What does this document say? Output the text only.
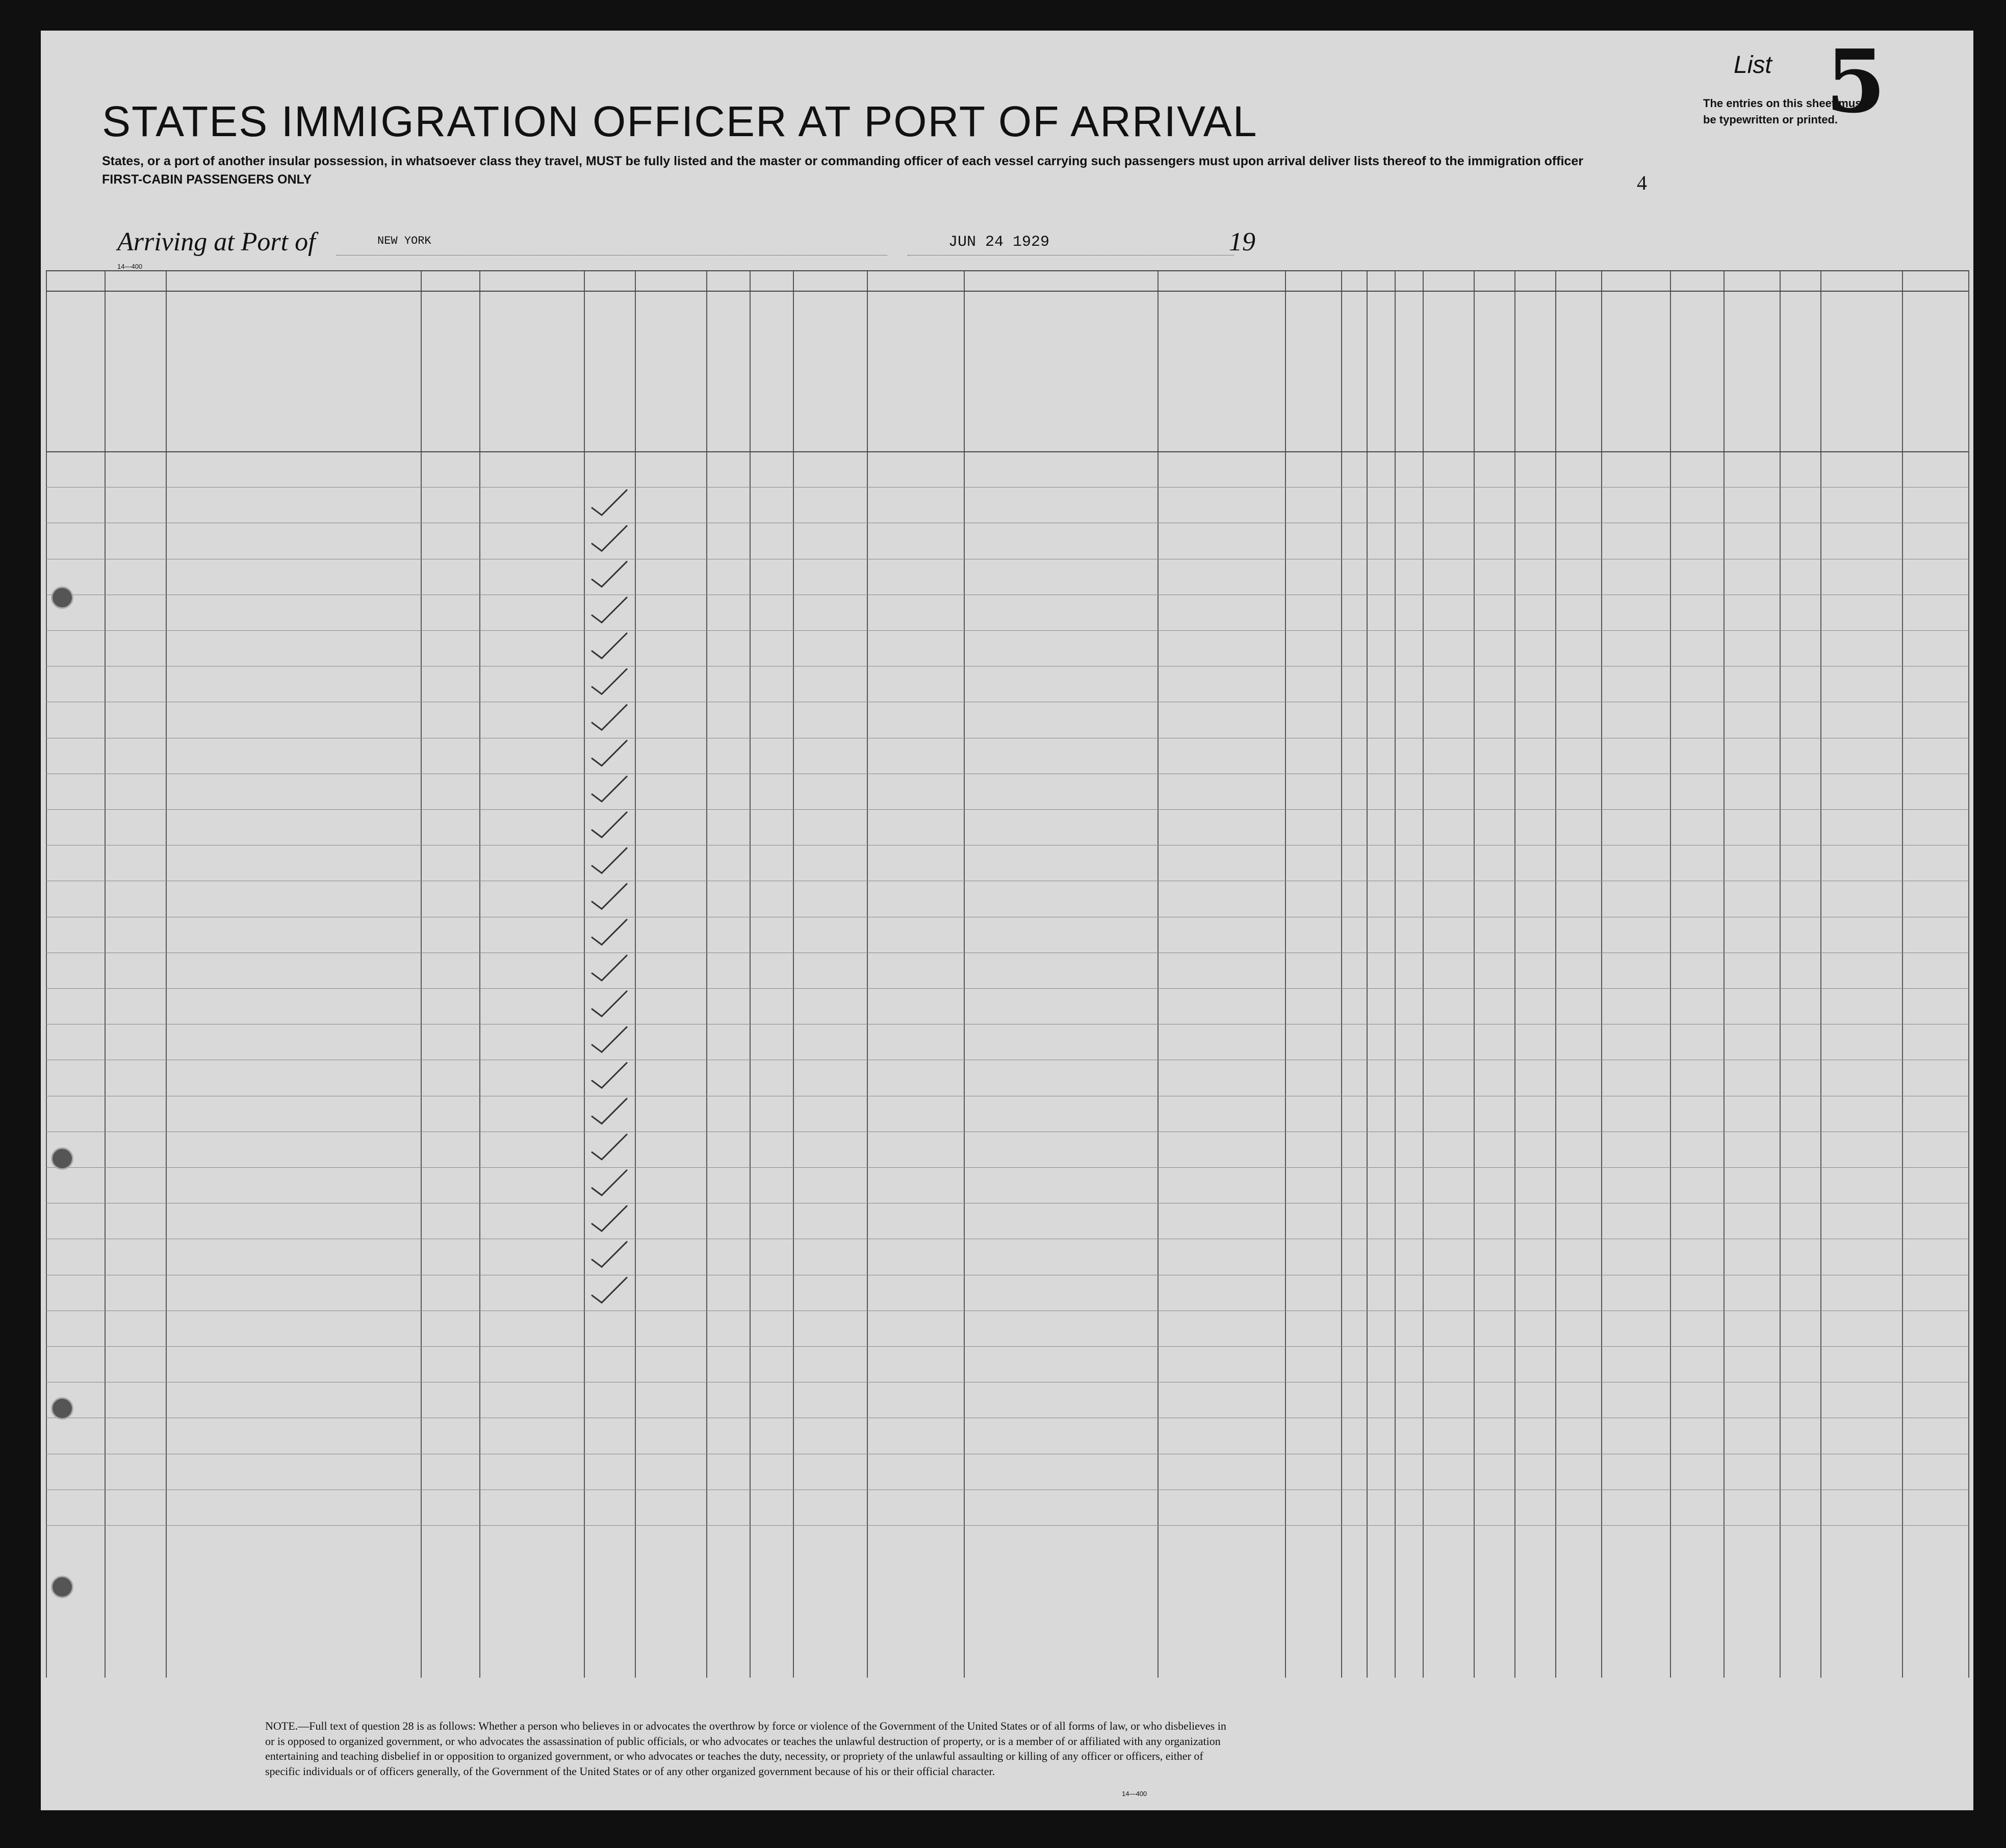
List 5
The entries on this sheet must
be typewritten or printed.
STATES IMMIGRATION OFFICER AT PORT OF ARRIVAL
States, or a port of another insular possession, in whatsoever class they travel, MUST be fully listed and the master or commanding officer of each vessel carrying such passengers must upon arrival deliver lists thereof to the immigration officer
FIRST-CABIN PASSENGERS ONLY	4
Arriving at Port of	NEW YORK	JUN 24 1929	19
14—400
NOTE.—Full text of question 28 is as follows: Whether a person who believes in or advocates the overthrow by force or violence of the Government of the United States or of all forms of law, or who disbelieves in or is opposed to organized government, or who advocates the assassination of public officials, or who advocates or teaches the unlawful destruction of property, or is a member of or affiliated with any organization entertaining and teaching disbelief in or opposition to organized government, or who advocates or teaches the duty, necessity, or propriety of the unlawful assaulting or killing of any officer or officers, either of specific individuals or of officers generally, of the Government of the United States or of any other organized government because of his or their official character.
14—400
